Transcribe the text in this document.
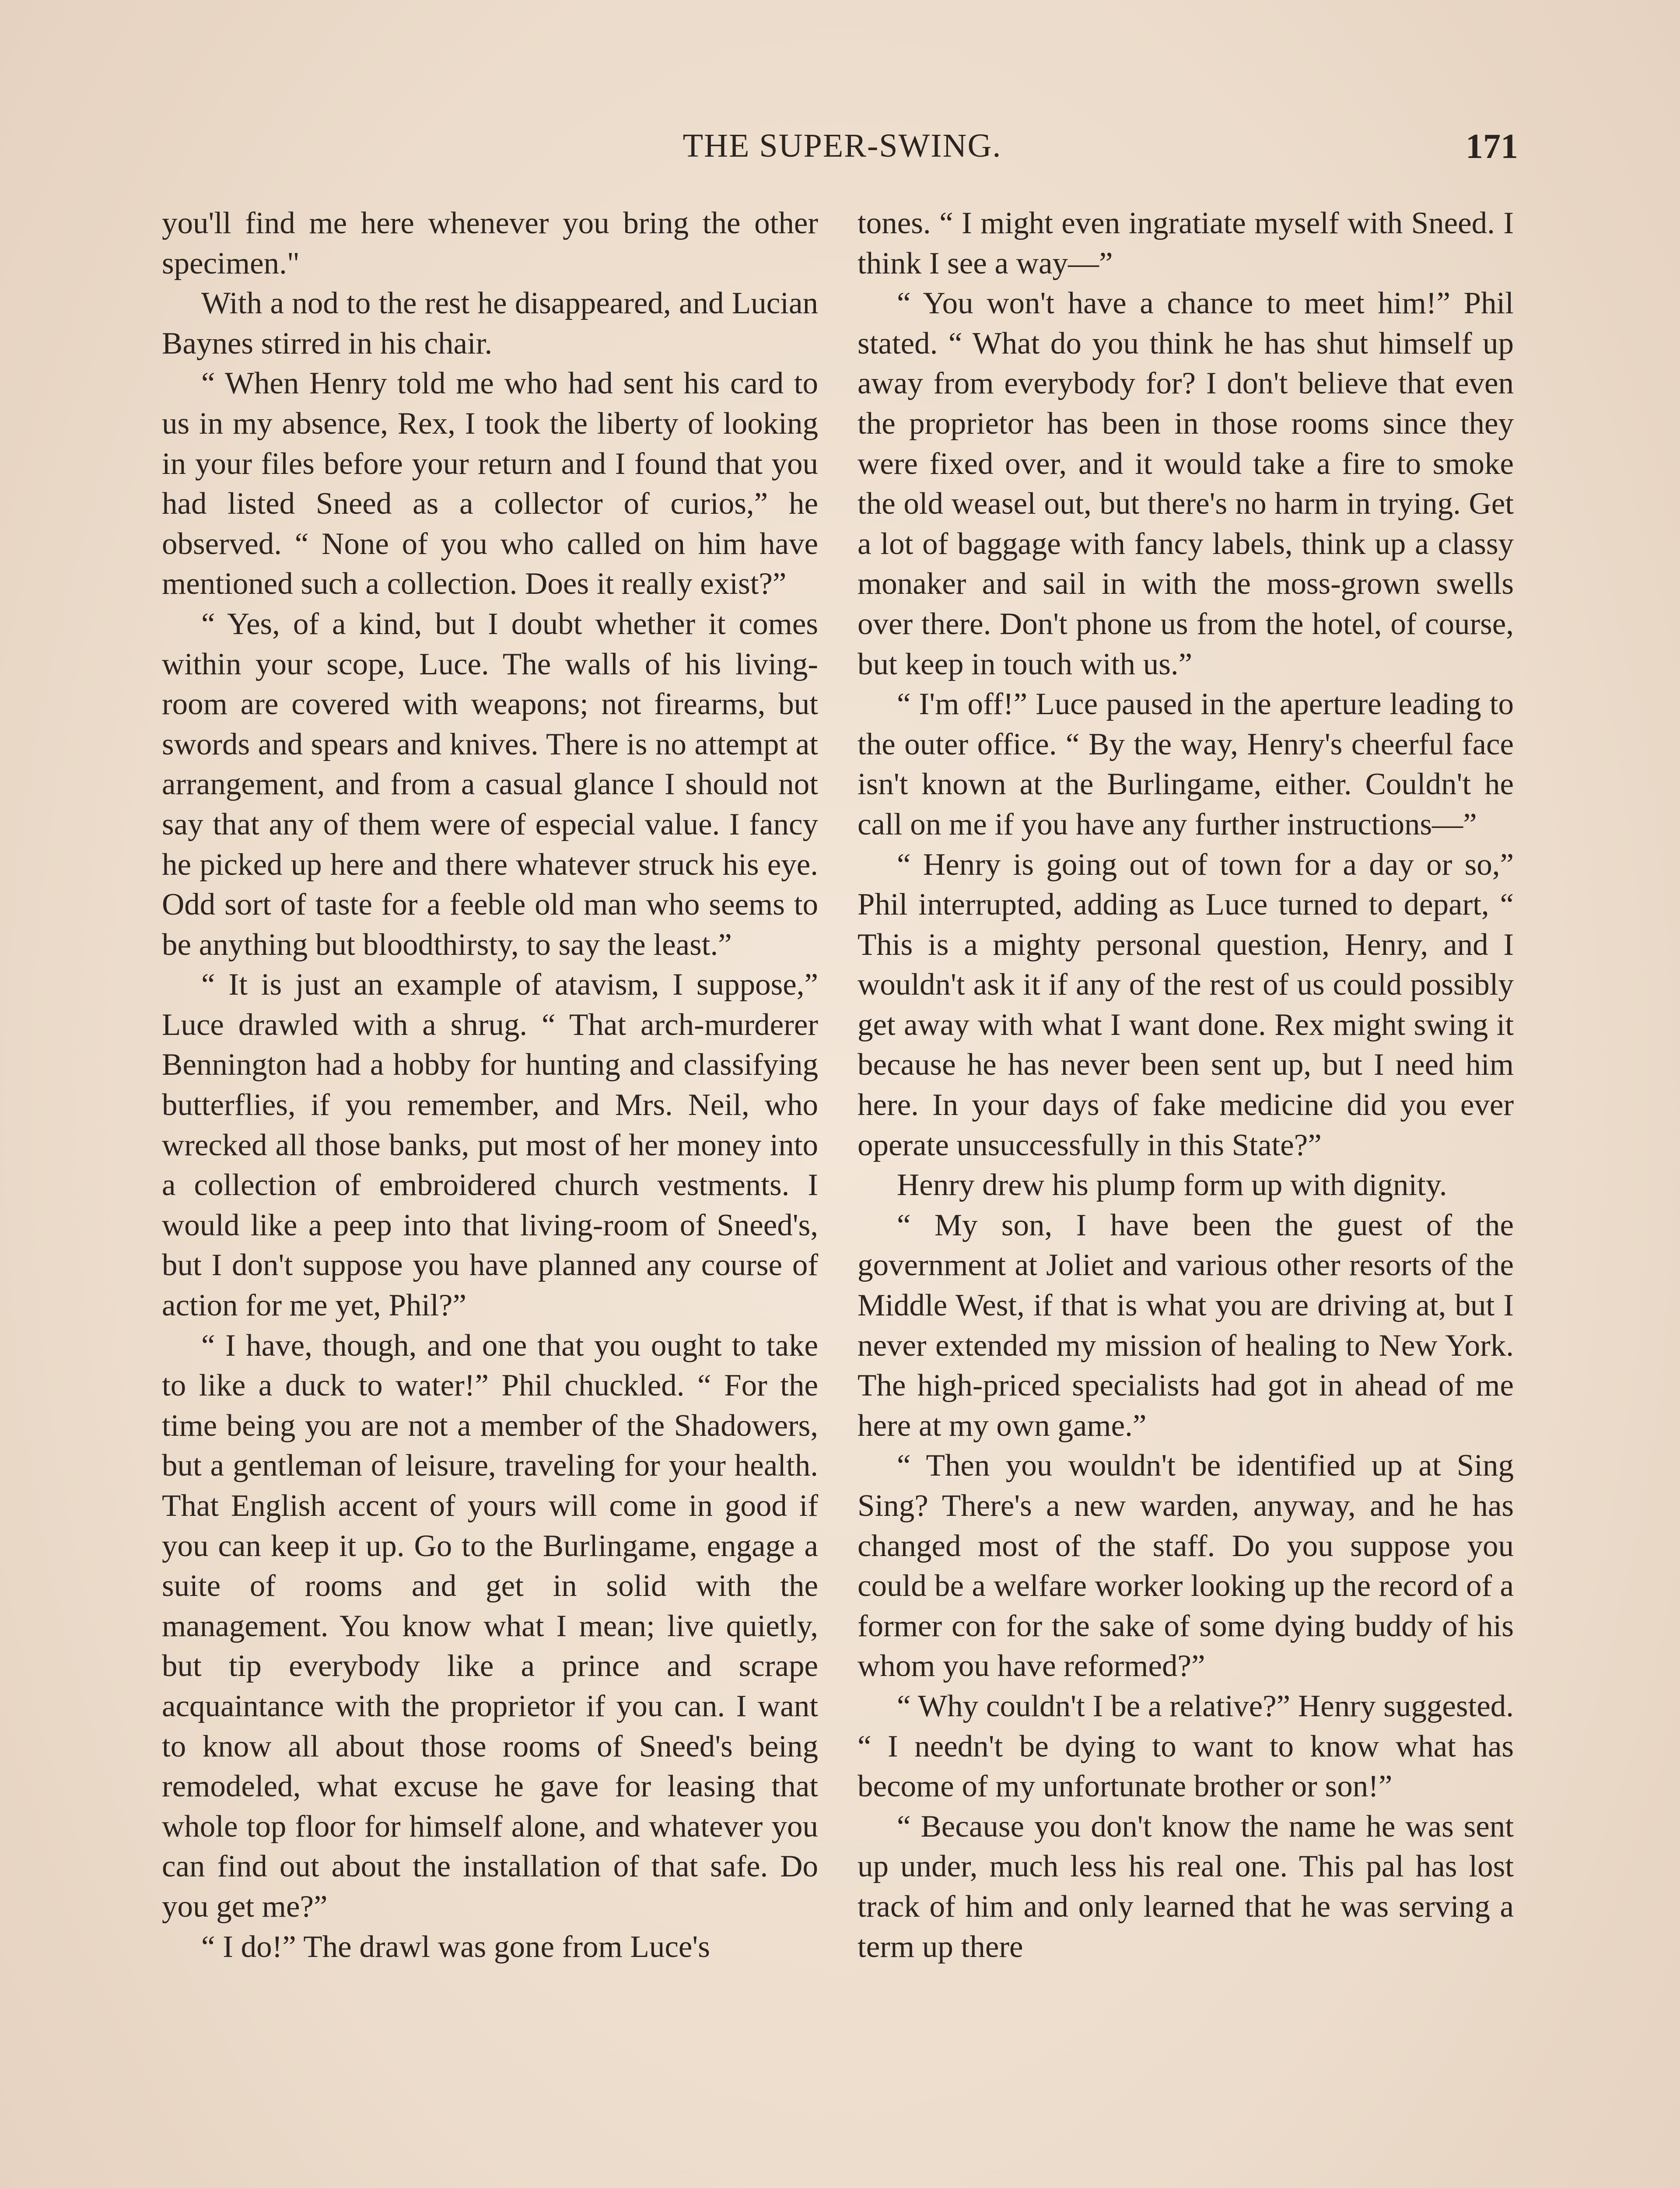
THE SUPER-SWING.	171

you'll find me here whenever you bring the other specimen."

With a nod to the rest he disappeared, and Lucian Baynes stirred in his chair.

“ When Henry told me who had sent his card to us in my absence, Rex, I took the liberty of looking in your files before your return and I found that you had listed Sneed as a collector of curios,” he observed. “ None of you who called on him have mentioned such a collection. Does it really exist?”

“ Yes, of a kind, but I doubt whether it comes within your scope, Luce. The walls of his living-room are covered with weapons; not firearms, but swords and spears and knives. There is no attempt at arrangement, and from a casual glance I should not say that any of them were of especial value. I fancy he picked up here and there whatever struck his eye. Odd sort of taste for a feeble old man who seems to be anything but bloodthirsty, to say the least.”

“ It is just an example of atavism, I suppose,” Luce drawled with a shrug. “ That arch-murderer Bennington had a hobby for hunting and classifying butterflies, if you remember, and Mrs. Neil, who wrecked all those banks, put most of her money into a collection of embroidered church vestments. I would like a peep into that living-room of Sneed's, but I don't suppose you have planned any course of action for me yet, Phil?”

“ I have, though, and one that you ought to take to like a duck to water!” Phil chuckled. “ For the time being you are not a member of the Shadowers, but a gentleman of leisure, traveling for your health. That English accent of yours will come in good if you can keep it up. Go to the Burlingame, engage a suite of rooms and get in solid with the management. You know what I mean; live quietly, but tip everybody like a prince and scrape acquaintance with the proprietor if you can. I want to know all about those rooms of Sneed's being remodeled, what excuse he gave for leasing that whole top floor for himself alone, and whatever you can find out about the installation of that safe. Do you get me?”

“ I do!” The drawl was gone from Luce's

tones. “ I might even ingratiate myself with Sneed. I think I see a way—”

“ You won't have a chance to meet him!” Phil stated. “ What do you think he has shut himself up away from everybody for? I don't believe that even the proprietor has been in those rooms since they were fixed over, and it would take a fire to smoke the old weasel out, but there's no harm in trying. Get a lot of baggage with fancy labels, think up a classy monaker and sail in with the moss-grown swells over there. Don't phone us from the hotel, of course, but keep in touch with us.”

“ I'm off!” Luce paused in the aperture leading to the outer office. “ By the way, Henry's cheerful face isn't known at the Burlingame, either. Couldn't he call on me if you have any further instructions—”

“ Henry is going out of town for a day or so,” Phil interrupted, adding as Luce turned to depart, “ This is a mighty personal question, Henry, and I wouldn't ask it if any of the rest of us could possibly get away with what I want done. Rex might swing it because he has never been sent up, but I need him here. In your days of fake medicine did you ever operate unsuccessfully in this State?”

Henry drew his plump form up with dignity.

“ My son, I have been the guest of the government at Joliet and various other resorts of the Middle West, if that is what you are driving at, but I never extended my mission of healing to New York. The high-priced specialists had got in ahead of me here at my own game.”

“ Then you wouldn't be identified up at Sing Sing? There's a new warden, anyway, and he has changed most of the staff. Do you suppose you could be a welfare worker looking up the record of a former con for the sake of some dying buddy of his whom you have reformed?”

“ Why couldn't I be a relative?” Henry suggested. “ I needn't be dying to want to know what has become of my unfortunate brother or son!”

“ Because you don't know the name he was sent up under, much less his real one. This pal has lost track of him and only learned that he was serving a term up there
